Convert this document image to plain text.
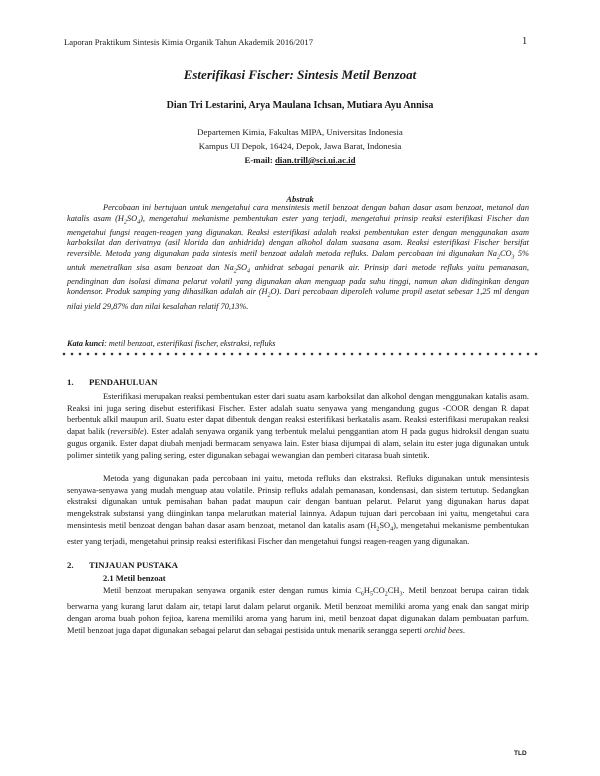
Laporan Praktikum Sintesis Kimia Organik Tahun Akademik 2016/2017	1
Esterifikasi Fischer: Sintesis Metil Benzoat
Dian Tri Lestarini, Arya Maulana Ichsan, Mutiara Ayu Annisa
Departemen Kimia, Fakultas MIPA, Universitas Indonesia
Kampus UI Depok, 16424, Depok, Jawa Barat, Indonesia
E-mail: dian.trill@sci.ui.ac.id
Abstrak

Percobaan ini bertujuan untuk mengetahui cara mensintesis metil benzoat dengan bahan dasar asam benzoat, metanol dan katalis asam $(H_2SO_4)$, mengetahui mekanisme pembentukan ester yang terjadi, mengetahui prinsip reaksi esterifikasi Fischer dan mengetahui fungsi reagen-reagen yang digunakan. Reaksi esterifikasi adalah reaksi pembentukan ester dengan menggunakan asam karboksilat dan derivatnya (asil klorida dan anhidrida) dengan alkohol dalam suasana asam. Reaksi esterifikasi Fischer bersifat reversible. Metoda yang digunakan pada sintesis metil benzoat adalah metoda refluks. Dalam percobaan ini digunakan $Na_2CO_3$ 5% untuk menetralkan sisa asam benzoat dan $Na_2SO_4$ anhidrat sebagai penarik air. Prinsip dari metode refluks yaitu pemanasan, pendinginan dan isolasi dimana pelarut volatil yang digunakan akan menguap pada suhu tinggi, namun akan didinginkan dengan kondensor. Produk samping yang dihasilkan adalah air $(H_2O)$. Dari percobaan diperoleh volume propil asetat sebesar 1,25 ml dengan nilai yield 29,87% dan nilai kesalahan relatif 70,13%.

Kata kunci: metil benzoat, esterifikasi fischer, ekstraksi, refluks
1. PENDAHULUAN

Esterifikasi merupakan reaksi pembentukan ester dari suatu asam karboksilat dan alkohol dengan menggunakan katalis asam. Reaksi ini juga sering disebut esterifikasi Fischer. Ester adalah suatu senyawa yang mengandung gugus -COOR dengan R dapat berbentuk alkil maupun aril. Suatu ester dapat dibentuk dengan reaksi esterifikasi berkatalis asam. Reaksi esterifikasi merupakan reaksi dapat balik (reversible). Ester adalah senyawa organik yang terbentuk melalui penggantian atom H pada gugus hidroksil dengan suatu gugus organik. Ester dapat diubah menjadi bermacam senyawa lain. Ester biasa dijumpai di alam, selain itu ester juga digunakan untuk polimer sintetik yang paling sering, ester digunakan sebagai wewangian dan pemberi citarasa buah sintetik.

Metoda yang digunakan pada percobaan ini yaitu, metoda refluks dan ekstraksi. Refluks digunakan untuk mensintesis senyawa-senyawa yang mudah menguap atau volatile. Prinsip refluks adalah pemanasan, kondensasi, dan sistem tertutup. Sedangkan ekstraksi digunakan untuk pemisahan bahan padat maupun cair dengan bantuan pelarut. Pelarut yang digunakan harus dapat mengekstrak substansi yang diinginkan tanpa melarutkan material lainnya. Adapun tujuan dari percobaan ini yaitu, mengetahui cara mensintesis metil benzoat dengan bahan dasar asam benzoat, metanol dan katalis asam $(H_2SO_4)$, mengetahui mekanisme pembentukan ester yang terjadi, mengetahui prinsip reaksi esterifikasi Fischer dan mengetahui fungsi reagen-reagen yang digunakan.

2. TINJAUAN PUSTAKA
2.1 Metil benzoat

Metil benzoat merupakan senyawa organik ester dengan rumus kimia $C_6H_5CO_2CH_3$. Metil benzoat berupa cairan tidak berwarna yang kurang larut dalam air, tetapi larut dalam pelarut organik. Metil benzoat memiliki aroma yang enak dan sangat mirip dengan aroma buah pohon fejioa, karena memiliki aroma yang harum ini, metil benzoat dapat digunakan dalam pembuatan parfum. Metil benzoat juga dapat digunakan sebagai pelarut dan sebagai pestisida untuk menarik serangga seperti orchid bees.

TLD
